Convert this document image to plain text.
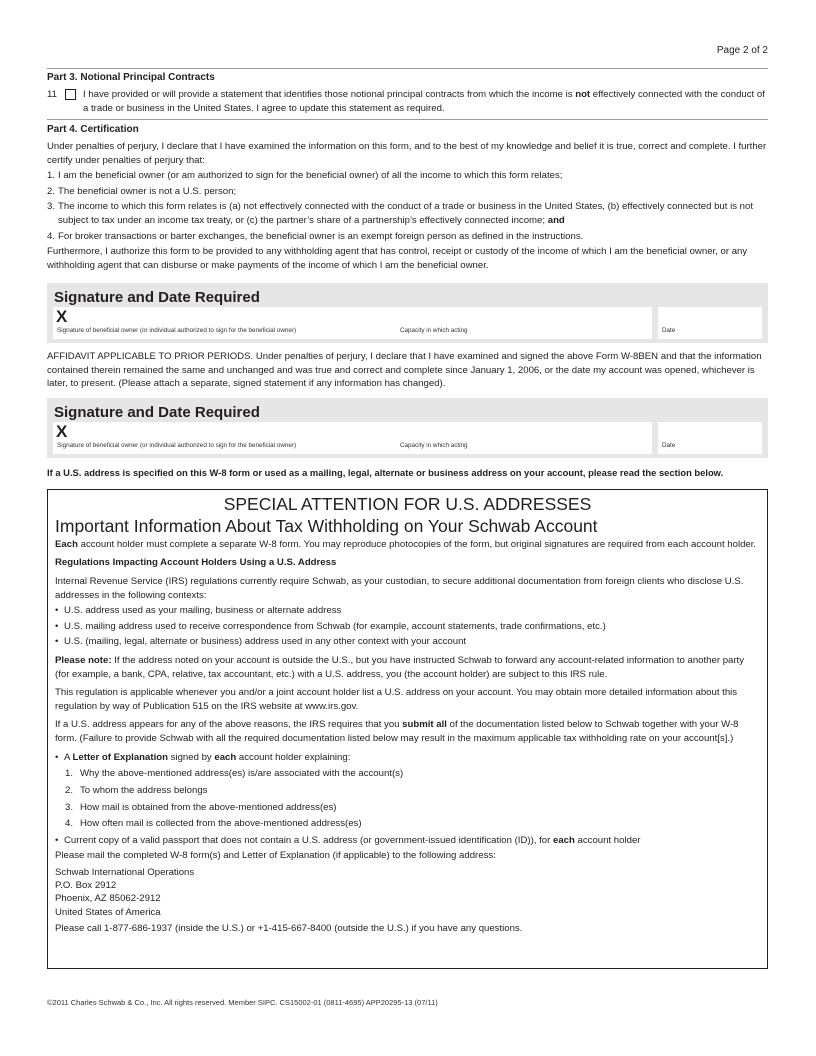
Page 2 of 2

Part 3. Notional Principal Contracts

11	I have provided or will provide a statement that identifies those notional principal contracts from which the income is not effectively connected with the conduct of a trade or business in the United States. I agree to update this statement as required.

Part 4. Certification

Under penalties of perjury, I declare that I have examined the information on this form, and to the best of my knowledge and belief it is true, correct and complete. I further certify under penalties of perjury that:

1. I am the beneficial owner (or am authorized to sign for the beneficial owner) of all the income to which this form relates;
2. The beneficial owner is not a U.S. person;
3. The income to which this form relates is (a) not effectively connected with the conduct of a trade or business in the United States, (b) effectively connected but is not subject to tax under an income tax treaty, or (c) the partner’s share of a partnership’s effectively connected income; and
4. For broker transactions or barter exchanges, the beneficial owner is an exempt foreign person as defined in the instructions.

Furthermore, I authorize this form to be provided to any withholding agent that has control, receipt or custody of the income of which I am the beneficial owner, or any withholding agent that can disburse or make payments of the income of which I am the beneficial owner.

Signature and Date Required
X
Signature of beneficial owner (or individual authorized to sign for the beneficial owner)	Capacity in which acting	Date

AFFIDAVIT APPLICABLE TO PRIOR PERIODS. Under penalties of perjury, I declare that I have examined and signed the above Form W-8BEN and that the information contained therein remained the same and unchanged and was true and correct and complete since January 1, 2006, or the date my account was opened, whichever is later, to present. (Please attach a separate, signed statement if any information has changed).

Signature and Date Required
X
Signature of beneficial owner (or individual authorized to sign for the beneficial owner)	Capacity in which acting	Date
If a U.S. address is specified on this W-8 form or used as a mailing, legal, alternate or business address on your account, please read the section below.

SPECIAL ATTENTION FOR U.S. ADDRESSES

Important Information About Tax Withholding on Your Schwab Account

Each account holder must complete a separate W-8 form. You may reproduce photocopies of the form, but original signatures are required from each account holder.

Regulations Impacting Account Holders Using a U.S. Address

Internal Revenue Service (IRS) regulations currently require Schwab, as your custodian, to secure additional documentation from foreign clients who disclose U.S. addresses in the following contexts:

• U.S. address used as your mailing, business or alternate address
• U.S. mailing address used to receive correspondence from Schwab (for example, account statements, trade confirmations, etc.)
• U.S. (mailing, legal, alternate or business) address used in any other context with your account

Please note: If the address noted on your account is outside the U.S., but you have instructed Schwab to forward any account-related information to another party (for example, a bank, CPA, relative, tax accountant, etc.) with a U.S. address, you (the account holder) are subject to this IRS rule.

This regulation is applicable whenever you and/or a joint account holder list a U.S. address on your account. You may obtain more detailed information about this regulation by way of Publication 515 on the IRS website at www.irs.gov.

If a U.S. address appears for any of the above reasons, the IRS requires that you submit all of the documentation listed below to Schwab together with your W-8 form. (Failure to provide Schwab with all the required documentation listed below may result in the maximum applicable tax withholding rate on your account[s].)

• A Letter of Explanation signed by each account holder explaining:
1. Why the above-mentioned address(es) is/are associated with the account(s)
2. To whom the address belongs
3. How mail is obtained from the above-mentioned address(es)
4. How often mail is collected from the above-mentioned address(es)
• Current copy of a valid passport that does not contain a U.S. address (or government-issued identification (ID)), for each account holder

Please mail the completed W-8 form(s) and Letter of Explanation (if applicable) to the following address:

Schwab International Operations

P.O. Box 2912

Phoenix, AZ 85062-2912

United States of America

Please call 1-877-686-1937 (inside the U.S.) or +1-415-667-8400 (outside the U.S.) if you have any questions.

©2011 Charles Schwab & Co., Inc. All rights reserved. Member SIPC. CS15002-01 (0811-4695) APP20295-13 (07/11)
